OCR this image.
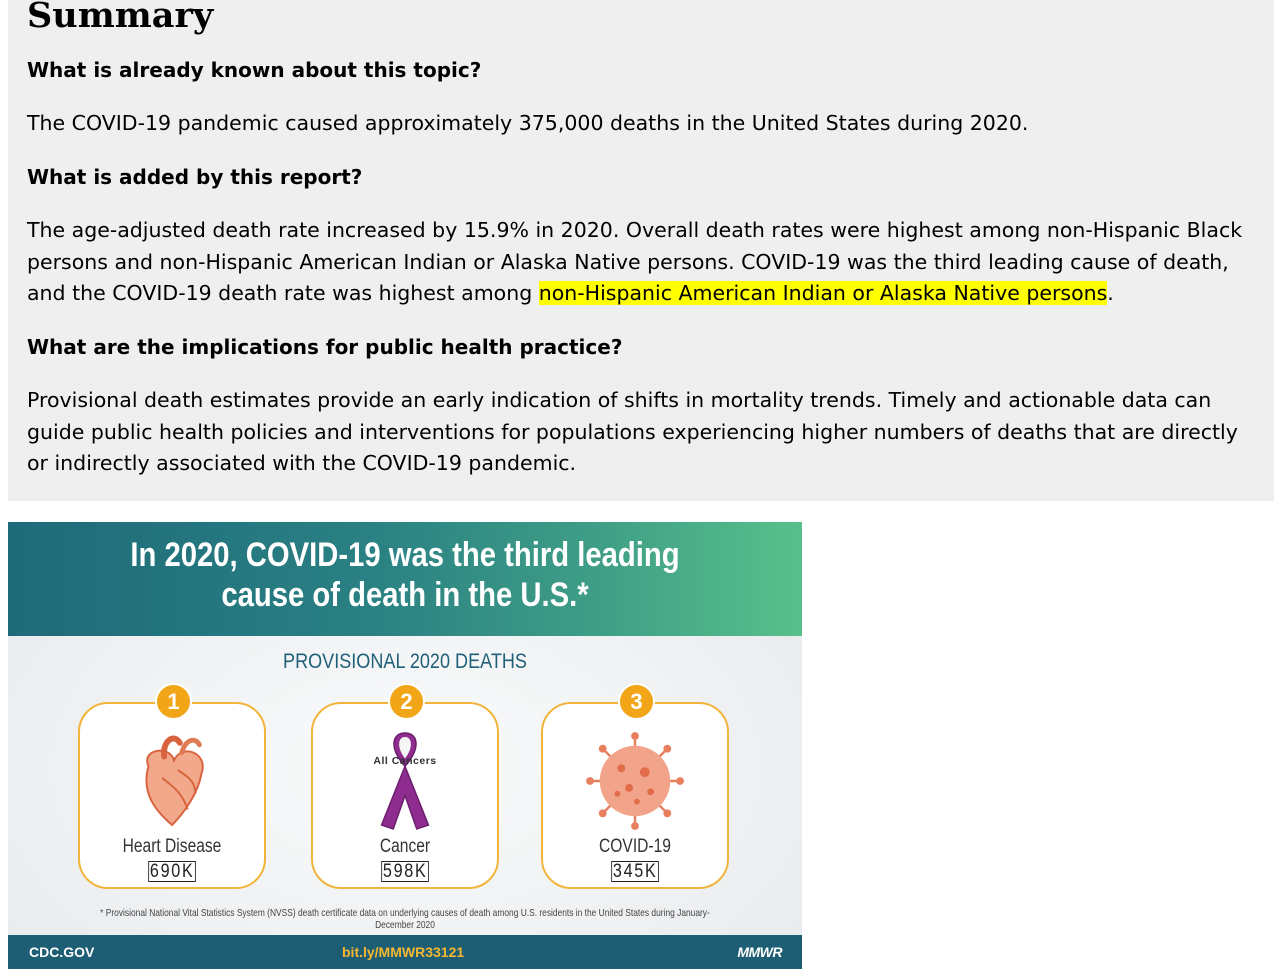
Summary

What is already known about this topic?

The COVID-19 pandemic caused approximately 375,000 deaths in the United States during 2020.

What is added by this report?

The age-adjusted death rate increased by 15.9% in 2020. Overall death rates were highest among non-Hispanic Black persons and non-Hispanic American Indian or Alaska Native persons. COVID-19 was the third leading cause of death, and the COVID-19 death rate was highest among non-Hispanic American Indian or Alaska Native persons.

What are the implications for public health practice?

Provisional death estimates provide an early indication of shifts in mortality trends. Timely and actionable data can guide public health policies and interventions for populations experiencing higher numbers of deaths that are directly or indirectly associated with the COVID-19 pandemic.

In 2020, COVID-19 was the third leading
cause of death in the U.S.*
PROVISIONAL 2020 DEATHS
Heart Disease
690K
1
All Cancers
Cancer
598K
2
COVID-19
345K
3
* Provisional National Vital Statistics System (NVSS) death certificate data on underlying causes of death among U.S. residents in the United States during January-December 2020
CDC.GOV	bit.ly/MMWR33121	MMWR
